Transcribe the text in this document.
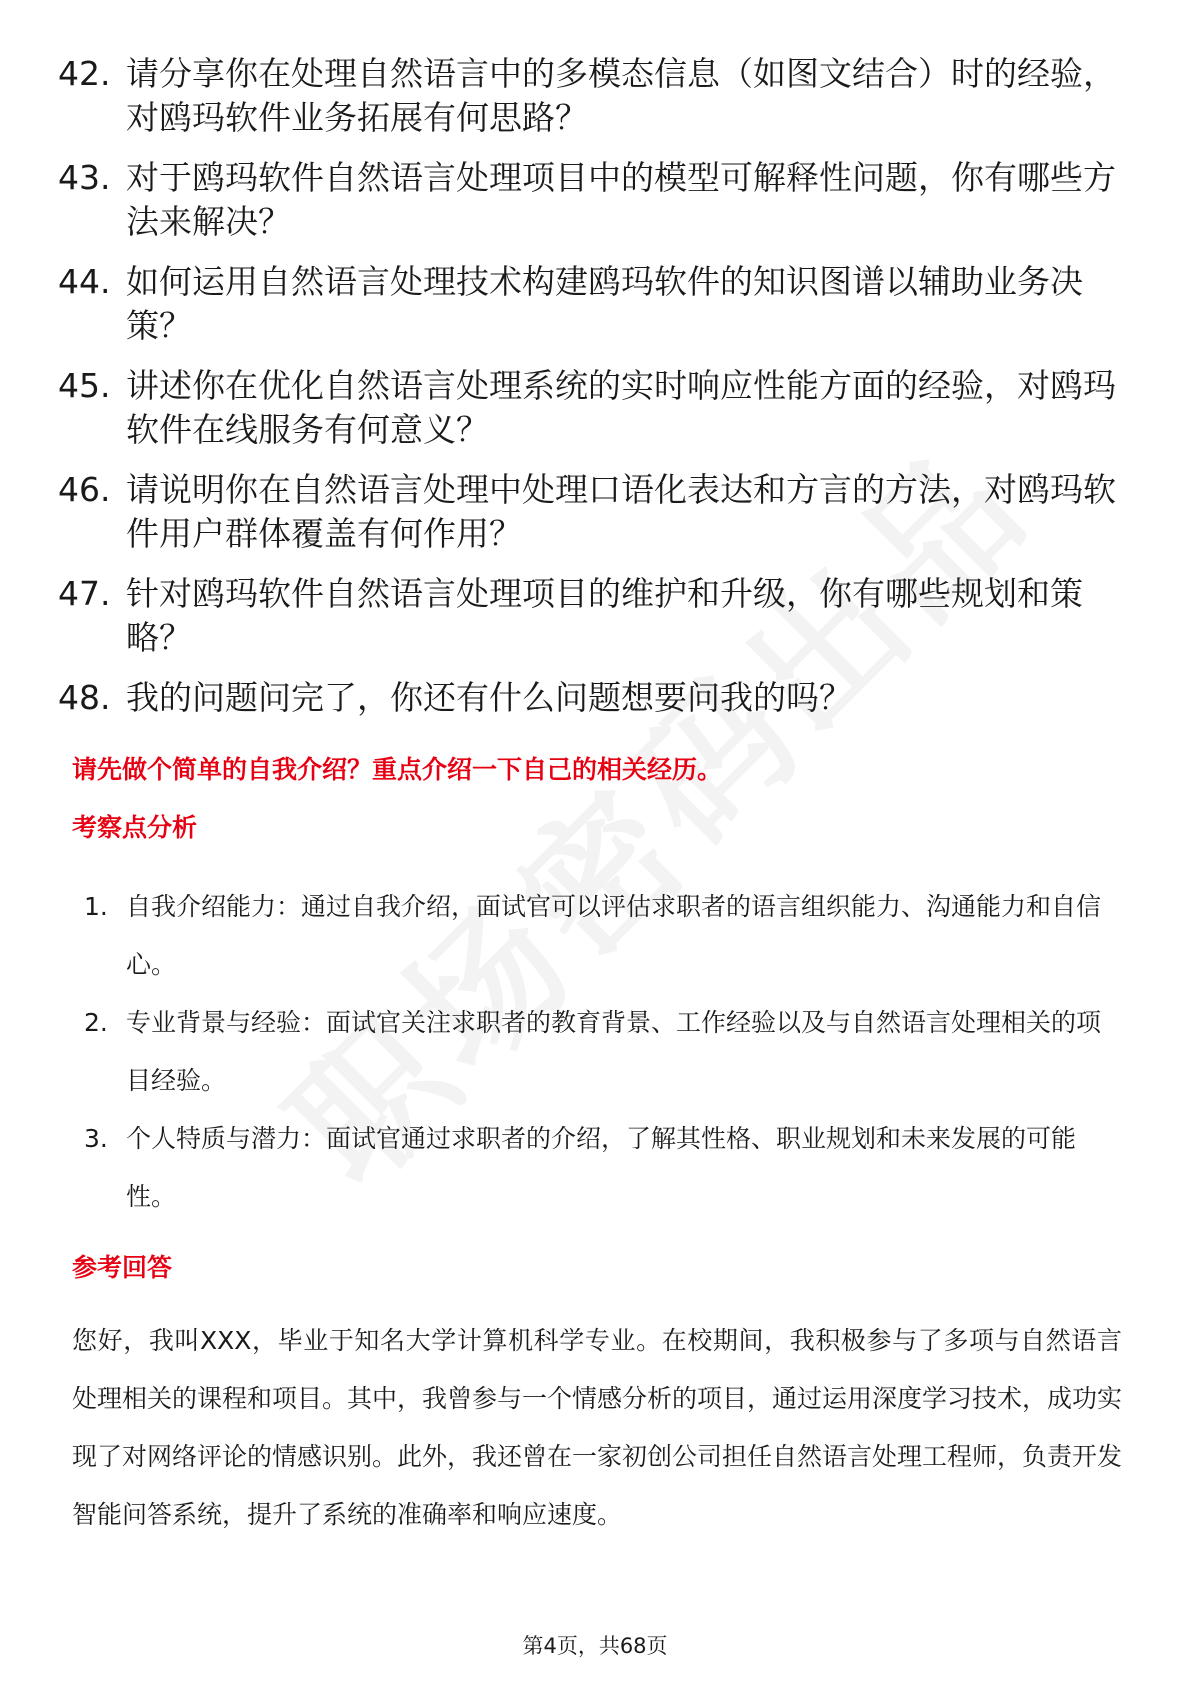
42. 请分享你在处理自然语言中的多模态信息（如图文结合）时的经验，对鸥玛软件业务拓展有何思路？
43. 对于鸥玛软件自然语言处理项目中的模型可解释性问题，你有哪些方法来解决？
44. 如何运用自然语言处理技术构建鸥玛软件的知识图谱以辅助业务决策？
45. 讲述你在优化自然语言处理系统的实时响应性能方面的经验，对鸥玛软件在线服务有何意义？
46. 请说明你在自然语言处理中处理口语化表达和方言的方法，对鸥玛软件用户群体覆盖有何作用？
47. 针对鸥玛软件自然语言处理项目的维护和升级，你有哪些规划和策略？
48. 我的问题问完了，你还有什么问题想要问我的吗？
请先做个简单的自我介绍？重点介绍一下自己的相关经历。
考察点分析
1. 自我介绍能力：通过自我介绍，面试官可以评估求职者的语言组织能力、沟通能力和自信心。
2. 专业背景与经验：面试官关注求职者的教育背景、工作经验以及与自然语言处理相关的项目经验。
3. 个人特质与潜力：面试官通过求职者的介绍，了解其性格、职业规划和未来发展的可能性。
参考回答
您好，我叫XXX，毕业于知名大学计算机科学专业。在校期间，我积极参与了多项与自然语言处理相关的课程和项目。其中，我曾参与一个情感分析的项目，通过运用深度学习技术，成功实现了对网络评论的情感识别。此外，我还曾在一家初创公司担任自然语言处理工程师，负责开发智能问答系统，提升了系统的准确率和响应速度。
第4页，共68页
